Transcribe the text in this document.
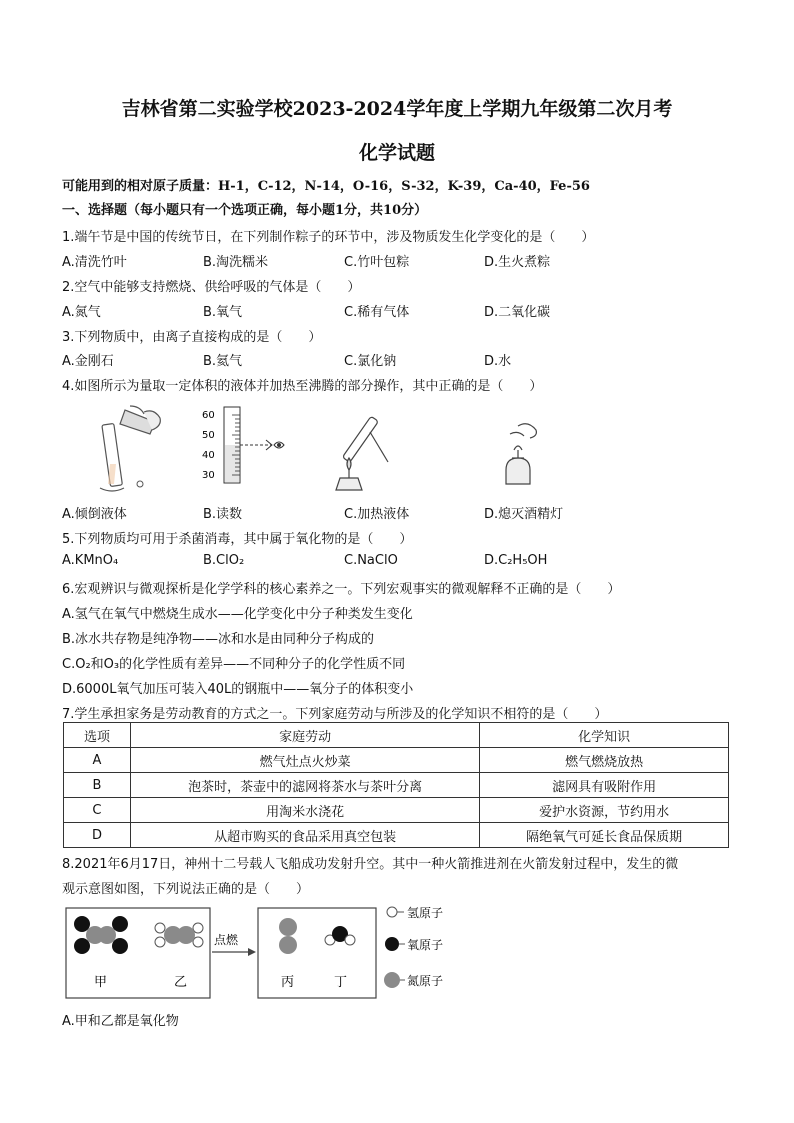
吉林省第二实验学校2023-2024学年度上学期九年级第二次月考
化学试题
可能用到的相对原子质量：H-1，C-12，N-14，O-16，S-32，K-39，Ca-40，Fe-56
一、选择题（每小题只有一个选项正确，每小题1分，共10分）
1.端午节是中国的传统节日，在下列制作粽子的环节中，涉及物质发生化学变化的是（　　）
A.清洗竹叶	B.淘洗糯米	C.竹叶包粽	D.生火煮粽
2.空气中能够支持燃烧、供给呼吸的气体是（　　）
A.氮气	B.氧气	C.稀有气体	D.二氧化碳
3.下列物质中，由离子直接构成的是（　　）
A.金刚石	B.氦气	C.氯化钠	D.水
4.如图所示为量取一定体积的液体并加热至沸腾的部分操作，其中正确的是（　　）
60
50
40
30
A.倾倒液体	B.读数	C.加热液体	D.熄灭酒精灯
5.下列物质均可用于杀菌消毒，其中属于氧化物的是（　　）
A.KMnO₄	B.ClO₂	C.NaClO	D.C₂H₅OH
6.宏观辨识与微观探析是化学学科的核心素养之一。下列宏观事实的微观解释不正确的是（　　）
A.氢气在氧气中燃烧生成水——化学变化中分子种类发生变化
B.冰水共存物是纯净物——冰和水是由同种分子构成的
C.O₂和O₃的化学性质有差异——不同种分子的化学性质不同
D.6000L氧气加压可装入40L的钢瓶中——氧分子的体积变小
7.学生承担家务是劳动教育的方式之一。下列家庭劳动与所涉及的化学知识不相符的是（　　）
选项	家庭劳动	化学知识
A	燃气灶点火炒菜	燃气燃烧放热
B	泡茶时，茶壶中的滤网将茶水与茶叶分离	滤网具有吸附作用
C	用淘米水浇花	爱护水资源，节约用水
D	从超市购买的食品采用真空包装	隔绝氧气可延长食品保质期
8.2021年6月17日，神州十二号载人飞船成功发射升空。其中一种火箭推进剂在火箭发射过程中，发生的微
观示意图如图，下列说法正确的是（　　）
甲	乙
点燃
丙	丁
氢原子
氧原子
氮原子
A.甲和乙都是氧化物
